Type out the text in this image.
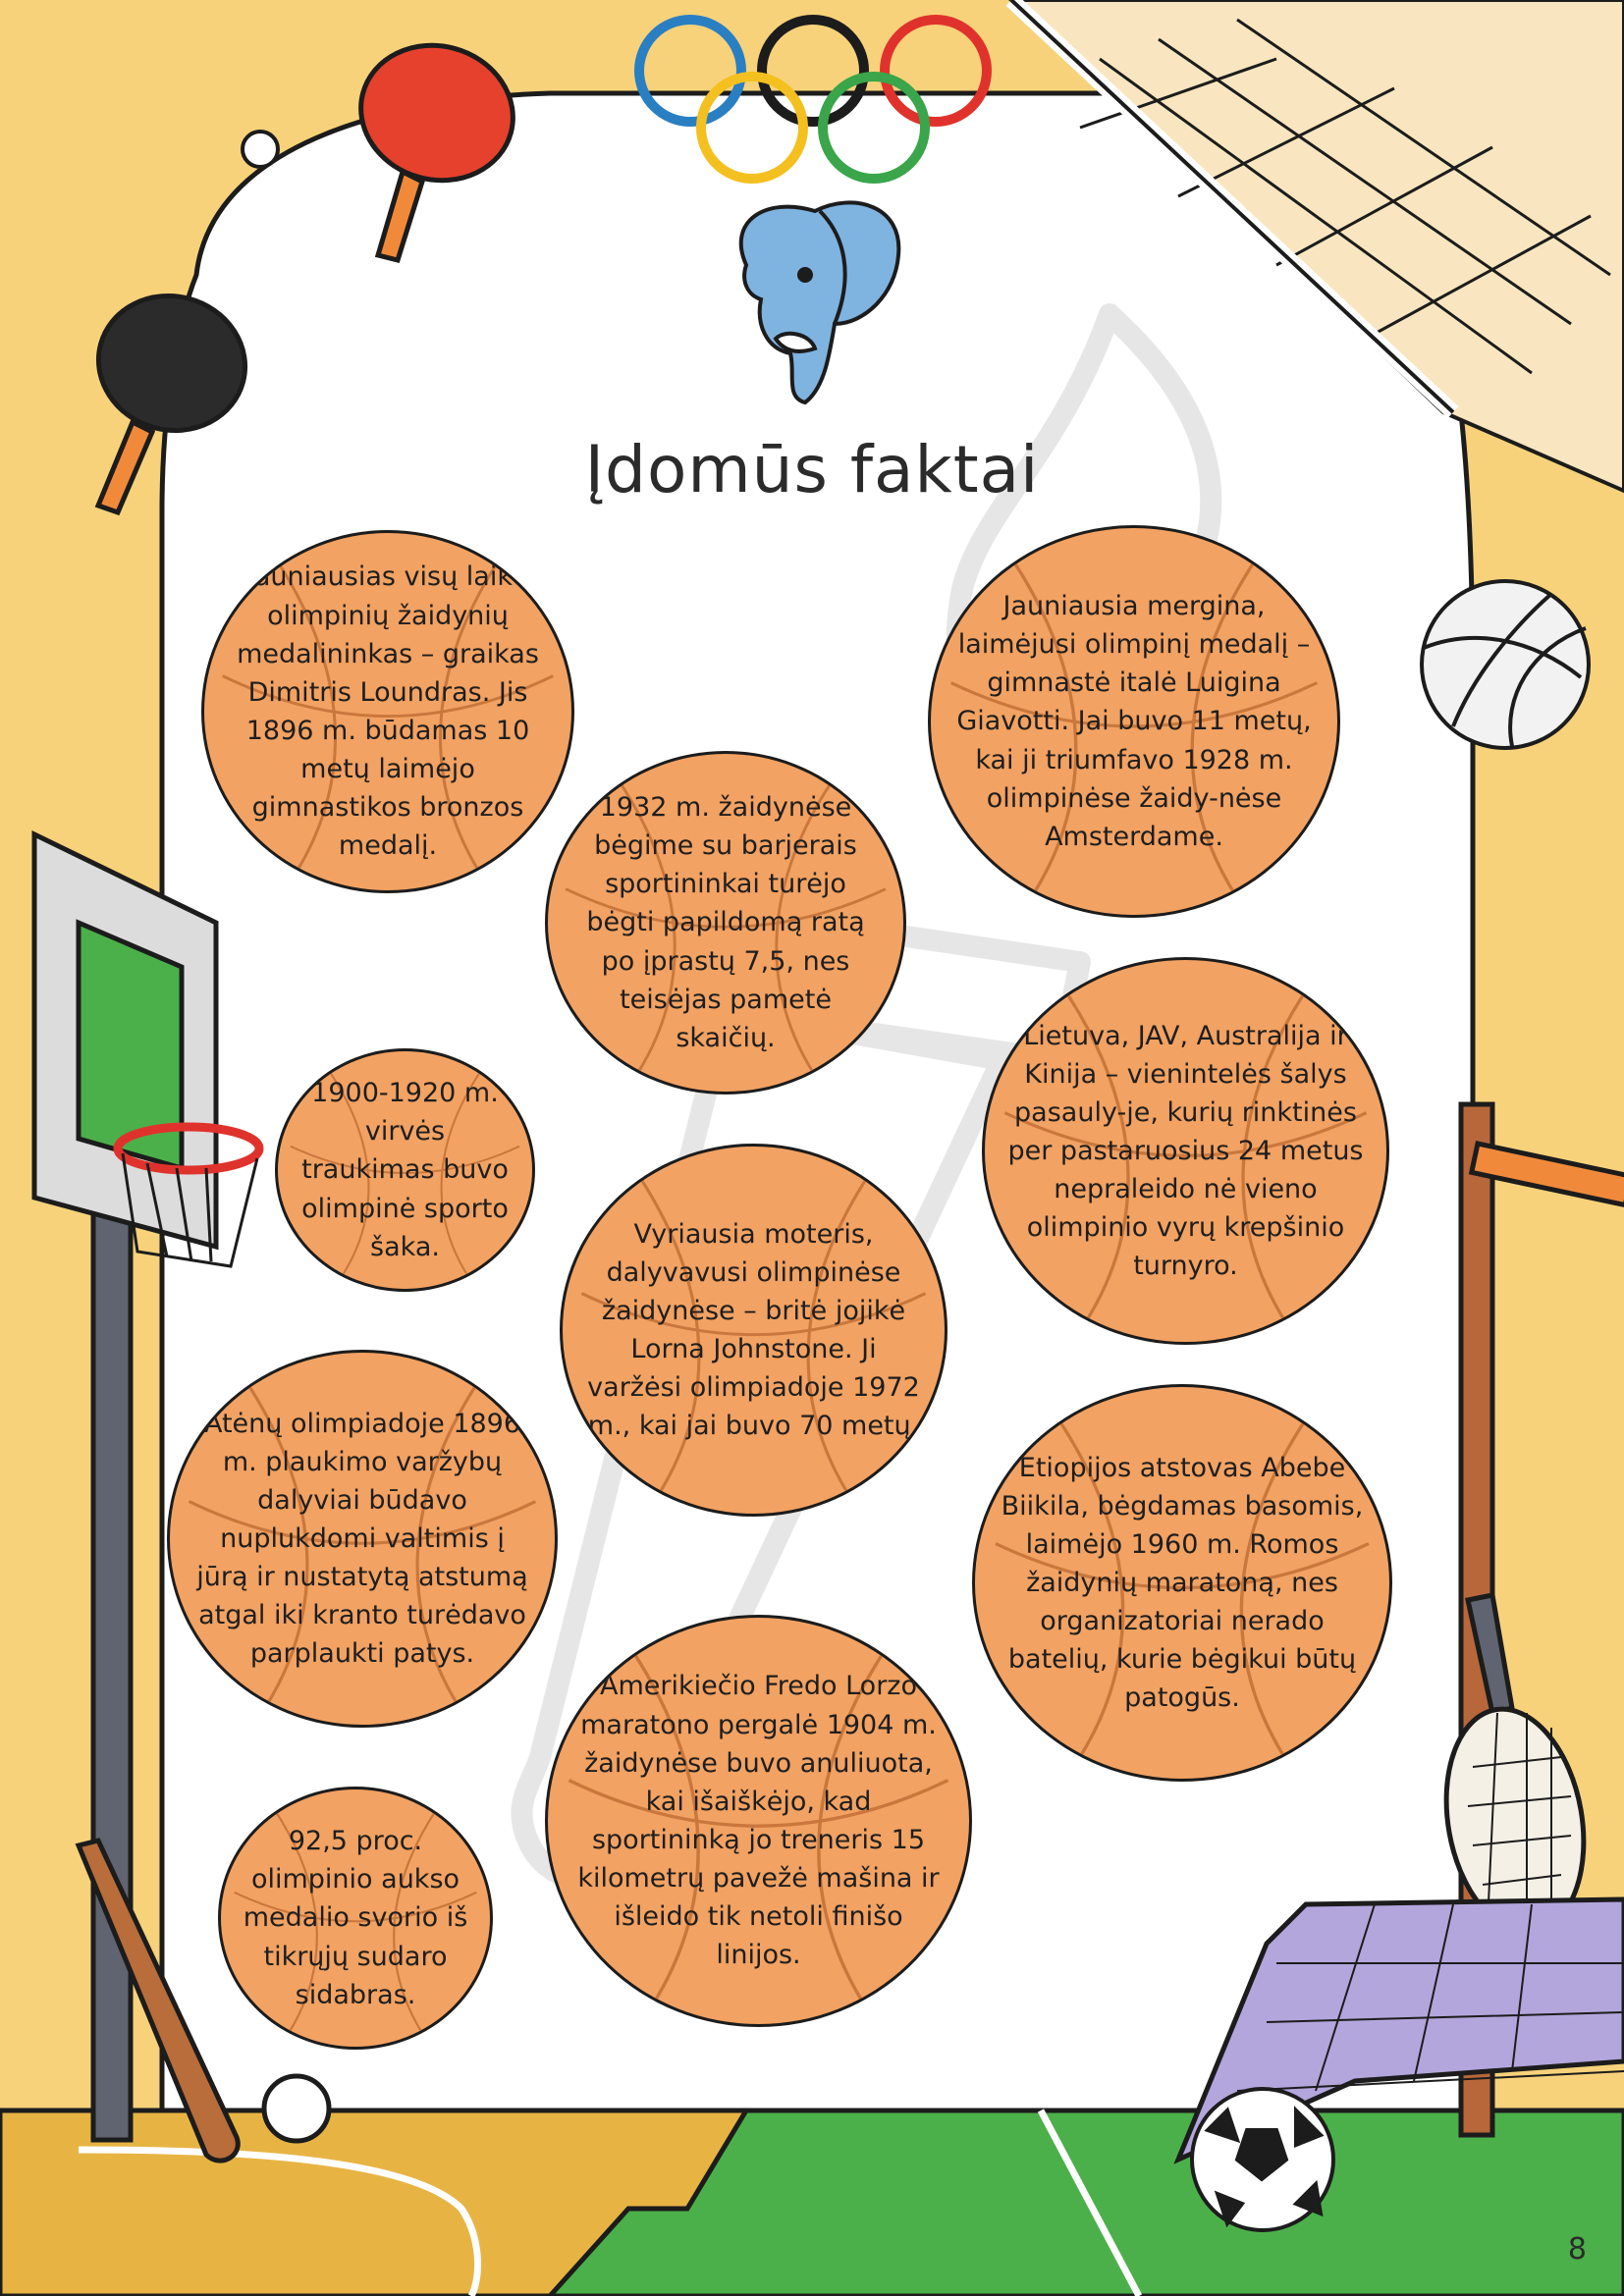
Įdomūs faktai

Jauniausias visų laikų olimpinių žaidynių medalininkas – graikas Dimitris Loundras. Jis 1896 m. būdamas 10 metų laimėjo gimnastikos bronzos medalį.

Jauniausia mergina, laimėjusi olimpinį medalį – gimnastė italė Luigina Giavotti. Jai buvo 11 metų, kai ji triumfavo 1928 m. olimpinėse žaidy-nėse Amsterdame.

1932 m. žaidynėse bėgime su barjerais sportininkai turėjo bėgti papildomą ratą po įprastų 7,5, nes teisėjas pametė skaičių.	Lietuva, JAV, Australija ir Kinija – vienintelės šalys pasauly-je, kurių rinktinės per pastaruosius 24 metus nepraleido nė vieno olimpinio vyrų krepšinio turnyro.

1900-1920 m. virvės traukimas buvo olimpinė sporto šaka.	Vyriausia moteris, dalyvavusi olimpinėse žaidynėse – britė jojikė Lorna Johnstone. Ji varžėsi olimpiadoje 1972 m., kai jai buvo 70 metų.

Atėnų olimpiadoje 1896 m. plaukimo varžybų dalyviai būdavo nuplukdomi valtimis į jūrą ir nustatytą atstumą atgal iki kranto turėdavo parplaukti patys.

Etiopijos atstovas Abebe Biikila, bėgdamas basomis, laimėjo 1960 m. Romos žaidynių maratoną, nes organizatoriai nerado batelių, kurie bėgikui būtų patogūs.

Amerikiečio Fredo Lorzo maratono pergalė 1904 m. žaidynėse buvo anuliuota, kai išaiškėjo, kad sportininką jo treneris 15 kilometrų pavežė mašina ir išleido tik netoli finišo linijos.

92,5 proc. olimpinio aukso medalio svorio iš tikrųjų sudaro sidabras.

8
